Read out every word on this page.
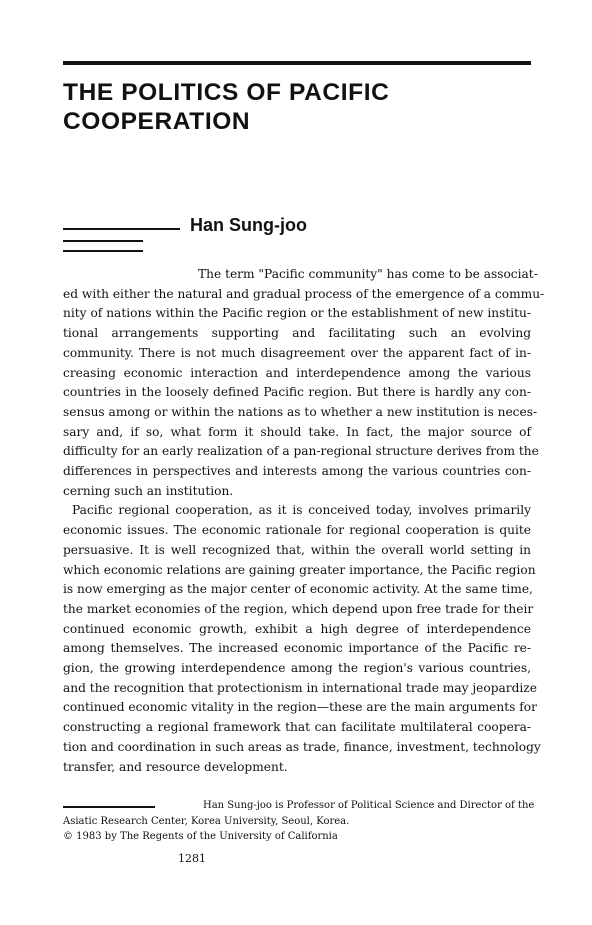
THE POLITICS OF PACIFIC
COOPERATION
Han Sung-joo
The term "Pacific community" has come to be associat-
ed with either the natural and gradual process of the emergence of a commu-
nity of nations within the Pacific region or the establishment of new institu-
tional arrangements supporting and facilitating such an evolving
community. There is not much disagreement over the apparent fact of in-
creasing economic interaction and interdependence among the various
countries in the loosely defined Pacific region. But there is hardly any con-
sensus among or within the nations as to whether a new institution is neces-
sary and, if so, what form it should take. In fact, the major source of
difficulty for an early realization of a pan-regional structure derives from the
differences in perspectives and interests among the various countries con-
cerning such an institution.
Pacific regional cooperation, as it is conceived today, involves primarily
economic issues. The economic rationale for regional cooperation is quite
persuasive. It is well recognized that, within the overall world setting in
which economic relations are gaining greater importance, the Pacific region
is now emerging as the major center of economic activity. At the same time,
the market economies of the region, which depend upon free trade for their
continued economic growth, exhibit a high degree of interdependence
among themselves. The increased economic importance of the Pacific re-
gion, the growing interdependence among the region's various countries,
and the recognition that protectionism in international trade may jeopardize
continued economic vitality in the region—these are the main arguments for
constructing a regional framework that can facilitate multilateral coopera-
tion and coordination in such areas as trade, finance, investment, technology
transfer, and resource development.
Han Sung-joo is Professor of Political Science and Director of the
Asiatic Research Center, Korea University, Seoul, Korea.
© 1983 by The Regents of the University of California
1281
